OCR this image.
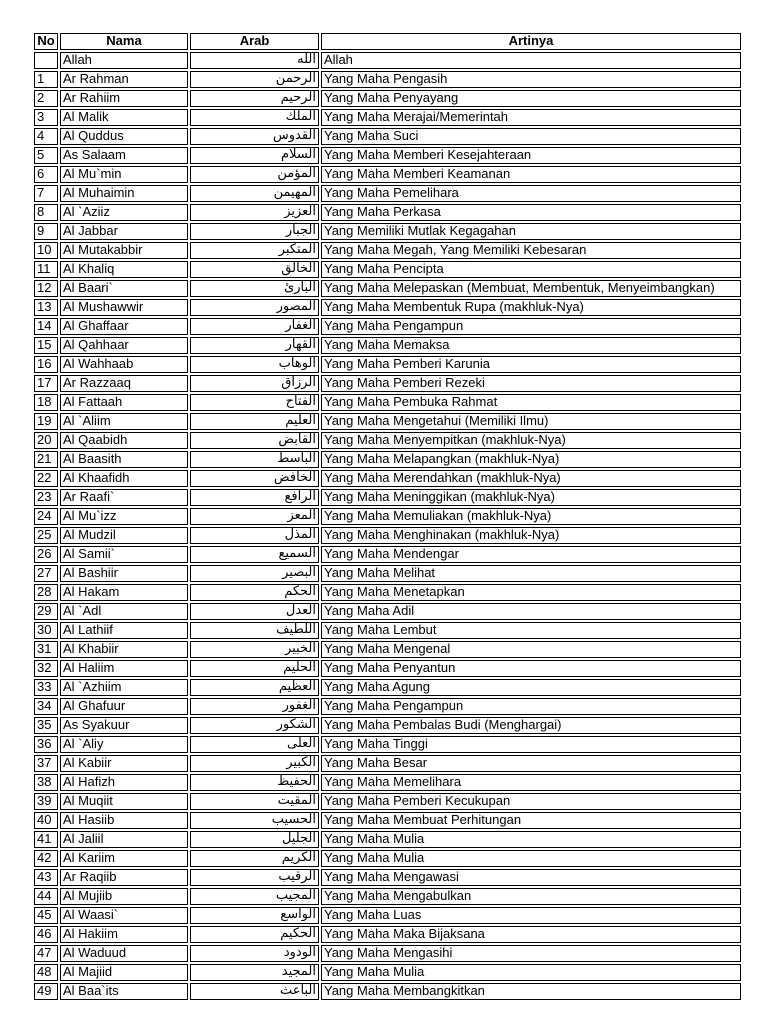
No	Nama	Arab	Artinya
	Allah	الله	Allah
1	Ar Rahman	الرحمن	Yang Maha Pengasih
2	Ar Rahiim	الرحيم	Yang Maha Penyayang
3	Al Malik	الملك	Yang Maha Merajai/Memerintah
4	Al Quddus	القدوس	Yang Maha Suci
5	As Salaam	السلام	Yang Maha Memberi Kesejahteraan
6	Al Mu`min	المؤمن	Yang Maha Memberi Keamanan
7	Al Muhaimin	المهيمن	Yang Maha Pemelihara
8	Al `Aziiz	العزيز	Yang Maha Perkasa
9	Al Jabbar	الجبار	Yang Memiliki Mutlak Kegagahan
10	Al Mutakabbir	المتكبر	Yang Maha Megah, Yang Memiliki Kebesaran
11	Al Khaliq	الخالق	Yang Maha Pencipta
12	Al Baari`	البارئ	Yang Maha Melepaskan (Membuat, Membentuk, Menyeimbangkan)
13	Al Mushawwir	المصور	Yang Maha Membentuk Rupa (makhluk-Nya)
14	Al Ghaffaar	الغفار	Yang Maha Pengampun
15	Al Qahhaar	القهار	Yang Maha Memaksa
16	Al Wahhaab	الوهاب	Yang Maha Pemberi Karunia
17	Ar Razzaaq	الرزاق	Yang Maha Pemberi Rezeki
18	Al Fattaah	الفتاح	Yang Maha Pembuka Rahmat
19	Al `Aliim	العليم	Yang Maha Mengetahui (Memiliki Ilmu)
20	Al Qaabidh	القابض	Yang Maha Menyempitkan (makhluk-Nya)
21	Al Baasith	الباسط	Yang Maha Melapangkan (makhluk-Nya)
22	Al Khaafidh	الخافض	Yang Maha Merendahkan (makhluk-Nya)
23	Ar Raafi`	الرافع	Yang Maha Meninggikan (makhluk-Nya)
24	Al Mu`izz	المعز	Yang Maha Memuliakan (makhluk-Nya)
25	Al Mudzil	المذل	Yang Maha Menghinakan (makhluk-Nya)
26	Al Samii`	السميع	Yang Maha Mendengar
27	Al Bashiir	البصير	Yang Maha Melihat
28	Al Hakam	الحكم	Yang Maha Menetapkan
29	Al `Adl	العدل	Yang Maha Adil
30	Al Lathiif	اللطيف	Yang Maha Lembut
31	Al Khabiir	الخبير	Yang Maha Mengenal
32	Al Haliim	الحليم	Yang Maha Penyantun
33	Al `Azhiim	العظيم	Yang Maha Agung
34	Al Ghafuur	الغفور	Yang Maha Pengampun
35	As Syakuur	الشكور	Yang Maha Pembalas Budi (Menghargai)
36	Al `Aliy	العلى	Yang Maha Tinggi
37	Al Kabiir	الكبير	Yang Maha Besar
38	Al Hafizh	الحفيظ	Yang Maha Memelihara
39	Al Muqiit	المقيت	Yang Maha Pemberi Kecukupan
40	Al Hasiib	الحسيب	Yang Maha Membuat Perhitungan
41	Al Jaliil	الجليل	Yang Maha Mulia
42	Al Kariim	الكريم	Yang Maha Mulia
43	Ar Raqiib	الرقيب	Yang Maha Mengawasi
44	Al Mujiib	المجيب	Yang Maha Mengabulkan
45	Al Waasi`	الواسع	Yang Maha Luas
46	Al Hakiim	الحكيم	Yang Maha Maka Bijaksana
47	Al Waduud	الودود	Yang Maha Mengasihi
48	Al Majiid	المجيد	Yang Maha Mulia
49	Al Baa`its	الباعث	Yang Maha Membangkitkan
